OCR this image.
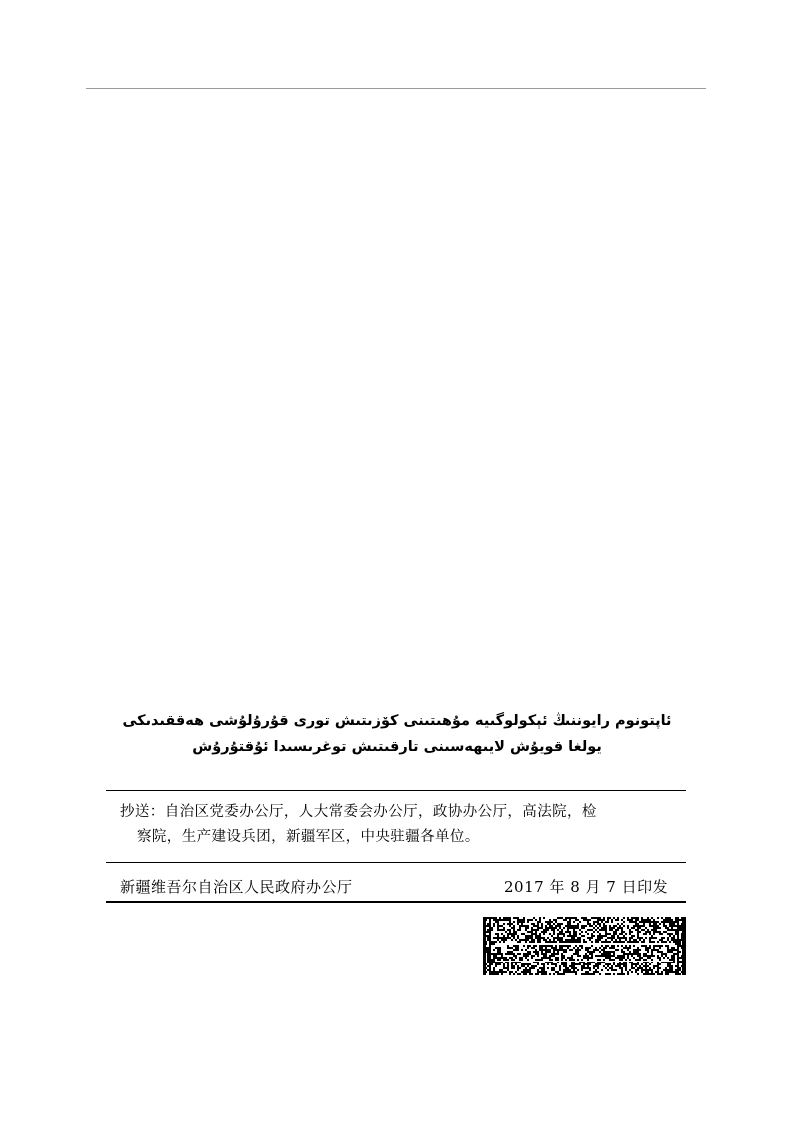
ئاپتونوم رايوننىڭ ئېكولوگىيە مۇھىتىنى كۆزىتىش تورى قۇرۇلۇشى ھەققىدىكى
يولغا قويۇش لايىھەسىنى تارقىتىش توغرىسىدا ئۇقتۇرۇش
抄送：自治区党委办公厅，人大常委会办公厅，政协办公厅，高法院，检
察院，生产建设兵团，新疆军区，中央驻疆各单位。
新疆维吾尔自治区人民政府办公厅	2017 年 8 月 7 日印发
